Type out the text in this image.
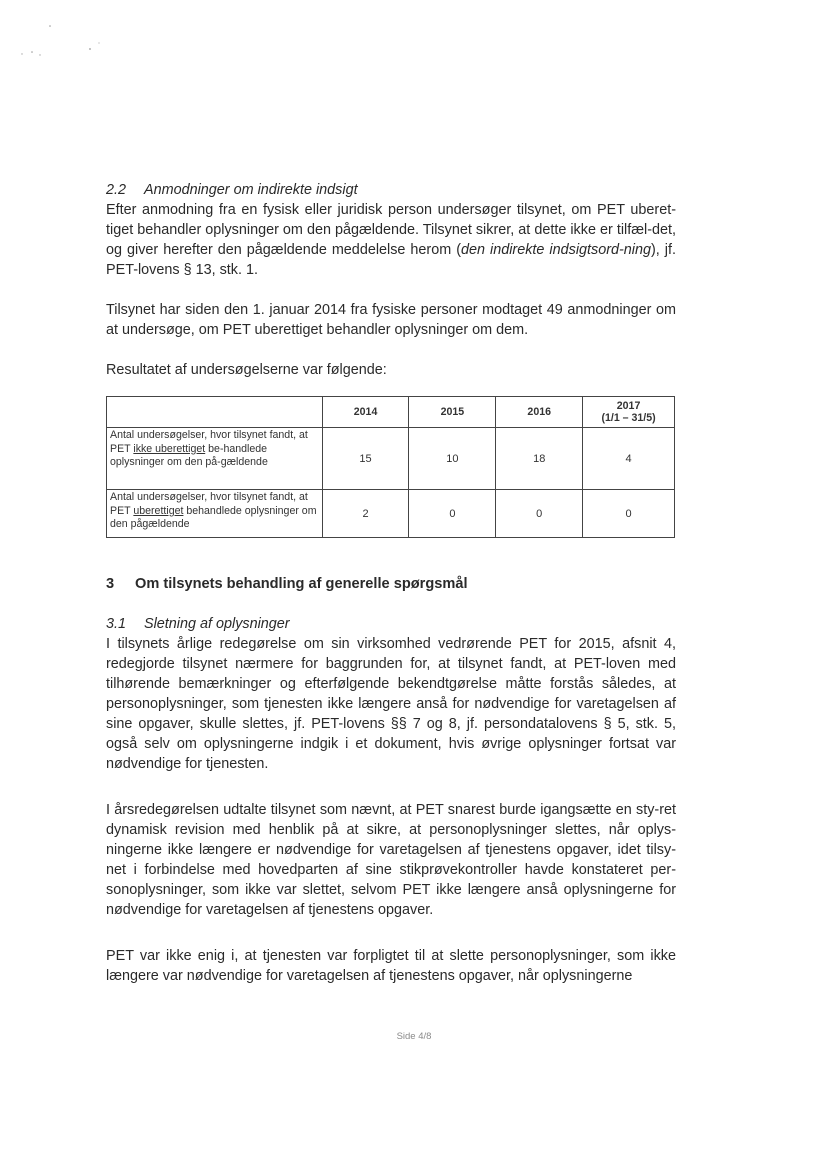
2.2 Anmodninger om indirekte indsigt

Efter anmodning fra en fysisk eller juridisk person undersøger tilsynet, om PET uberet-tiget behandler oplysninger om den pågældende. Tilsynet sikrer, at dette ikke er tilfæl-det, og giver herefter den pågældende meddelelse herom (den indirekte indsigtsord-ning), jf. PET-lovens § 13, stk. 1.

Tilsynet har siden den 1. januar 2014 fra fysiske personer modtaget 49 anmodninger om at undersøge, om PET uberettiget behandler oplysninger om dem.

Resultatet af undersøgelserne var følgende:

	2014	2015	2016	2017
(1/1 – 31/5)

Antal undersøgelser, hvor tilsynet fandt, at PET ikke uberettiget be-handlede oplysninger om den på-gældende	15	10	18	4
Antal undersøgelser, hvor tilsynet fandt, at PET uberettiget behandlede oplysninger om den pågældende	2	0	0	0
3 Om tilsynets behandling af generelle spørgsmål
3.1 Sletning af oplysninger

I tilsynets årlige redegørelse om sin virksomhed vedrørende PET for 2015, afsnit 4, redegjorde tilsynet nærmere for baggrunden for, at tilsynet fandt, at PET-loven med tilhørende bemærkninger og efterfølgende bekendtgørelse måtte forstås således, at personoplysninger, som tjenesten ikke længere anså for nødvendige for varetagelsen af sine opgaver, skulle slettes, jf. PET-lovens §§ 7 og 8, jf. persondatalovens § 5, stk. 5, også selv om oplysningerne indgik i et dokument, hvis øvrige oplysninger fortsat var nødvendige for tjenesten.

I årsredegørelsen udtalte tilsynet som nævnt, at PET snarest burde igangsætte en sty-ret dynamisk revision med henblik på at sikre, at personoplysninger slettes, når oplys-ningerne ikke længere er nødvendige for varetagelsen af tjenestens opgaver, idet tilsy-net i forbindelse med hovedparten af sine stikprøvekontroller havde konstateret per-sonoplysninger, som ikke var slettet, selvom PET ikke længere anså oplysningerne for nødvendige for varetagelsen af tjenestens opgaver.

PET var ikke enig i, at tjenesten var forpligtet til at slette personoplysninger, som ikke længere var nødvendige for varetagelsen af tjenestens opgaver, når oplysningerne

Side 4/8
